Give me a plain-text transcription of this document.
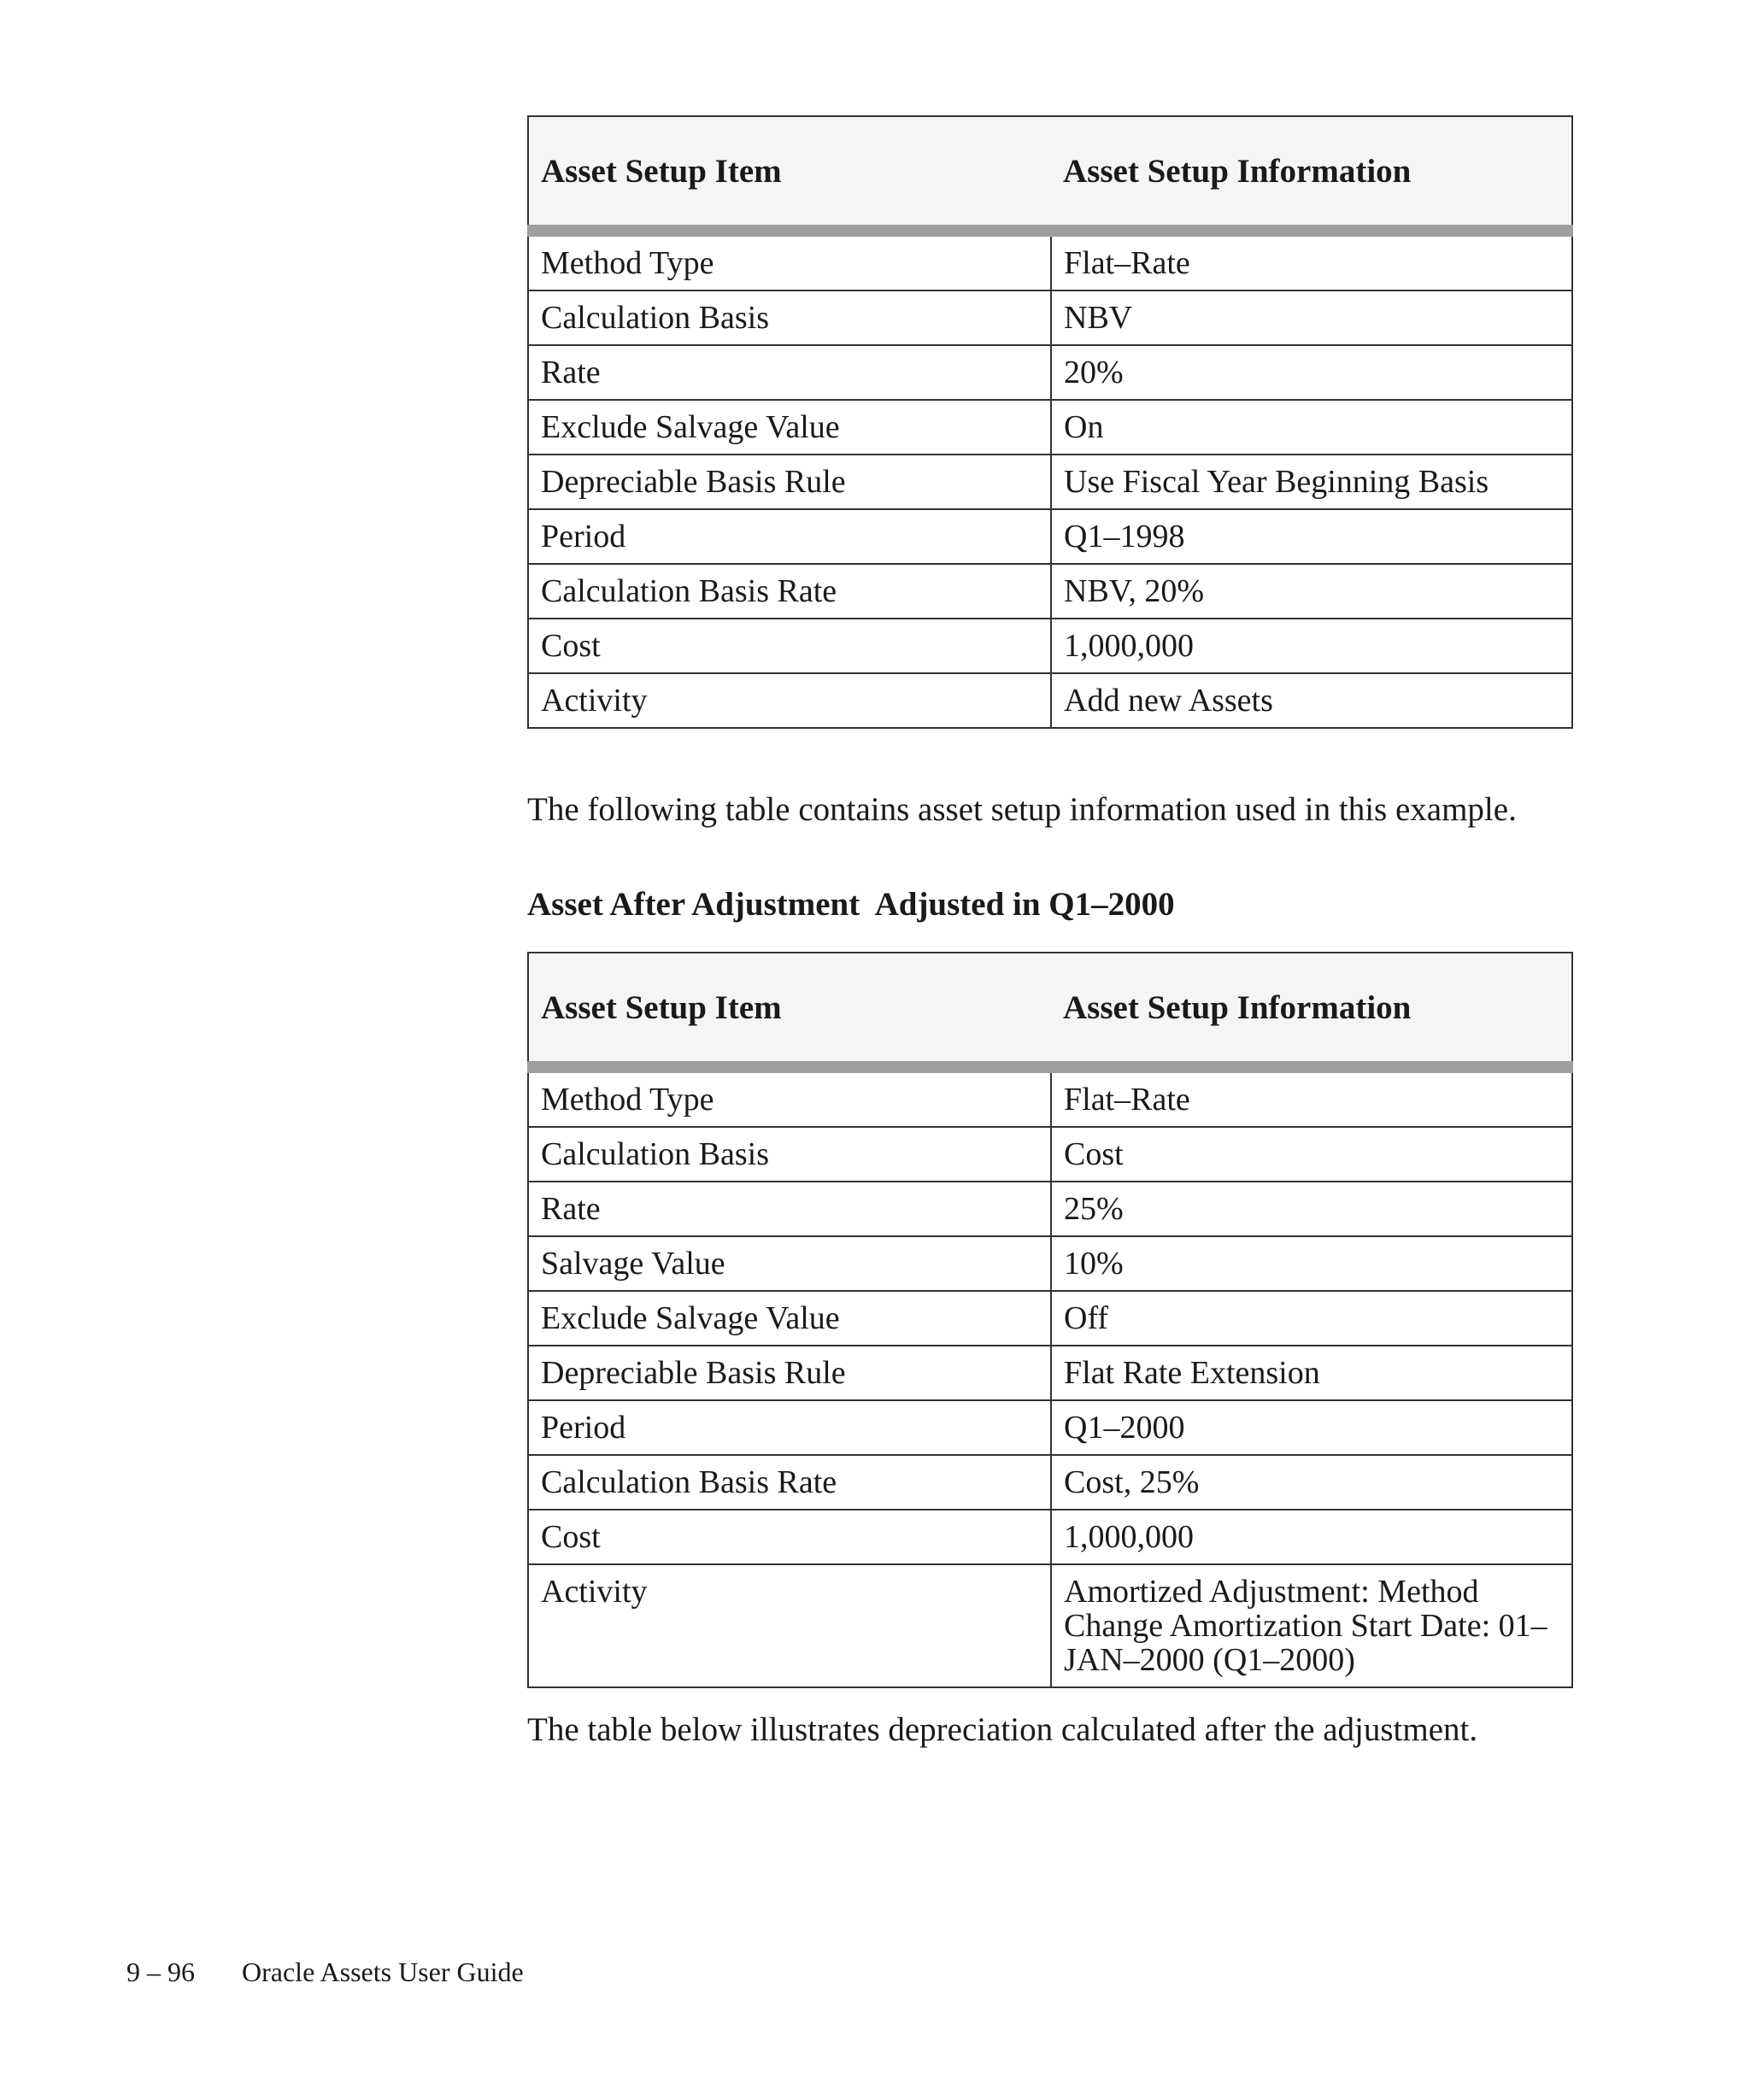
Asset Setup Item	Asset Setup Information
Method Type	Flat–Rate
Calculation Basis	NBV
Rate	20%
Exclude Salvage Value	On
Depreciable Basis Rule	Use Fiscal Year Beginning Basis
Period	Q1–1998
Calculation Basis Rate	NBV, 20%
Cost	1,000,000
Activity	Add new Assets

The following table contains asset setup information used in this example.

Asset After Adjustment  Adjusted in Q1–2000

Asset Setup Item	Asset Setup Information
Method Type	Flat–Rate
Calculation Basis	Cost
Rate	25%
Salvage Value	10%
Exclude Salvage Value	Off
Depreciable Basis Rule	Flat Rate Extension
Period	Q1–2000
Calculation Basis Rate	Cost, 25%
Cost	1,000,000
Activity	Amortized Adjustment: Method Change Amortization Start Date: 01–JAN–2000 (Q1–2000)

The table below illustrates depreciation calculated after the adjustment.

9 – 96 Oracle Assets User Guide
